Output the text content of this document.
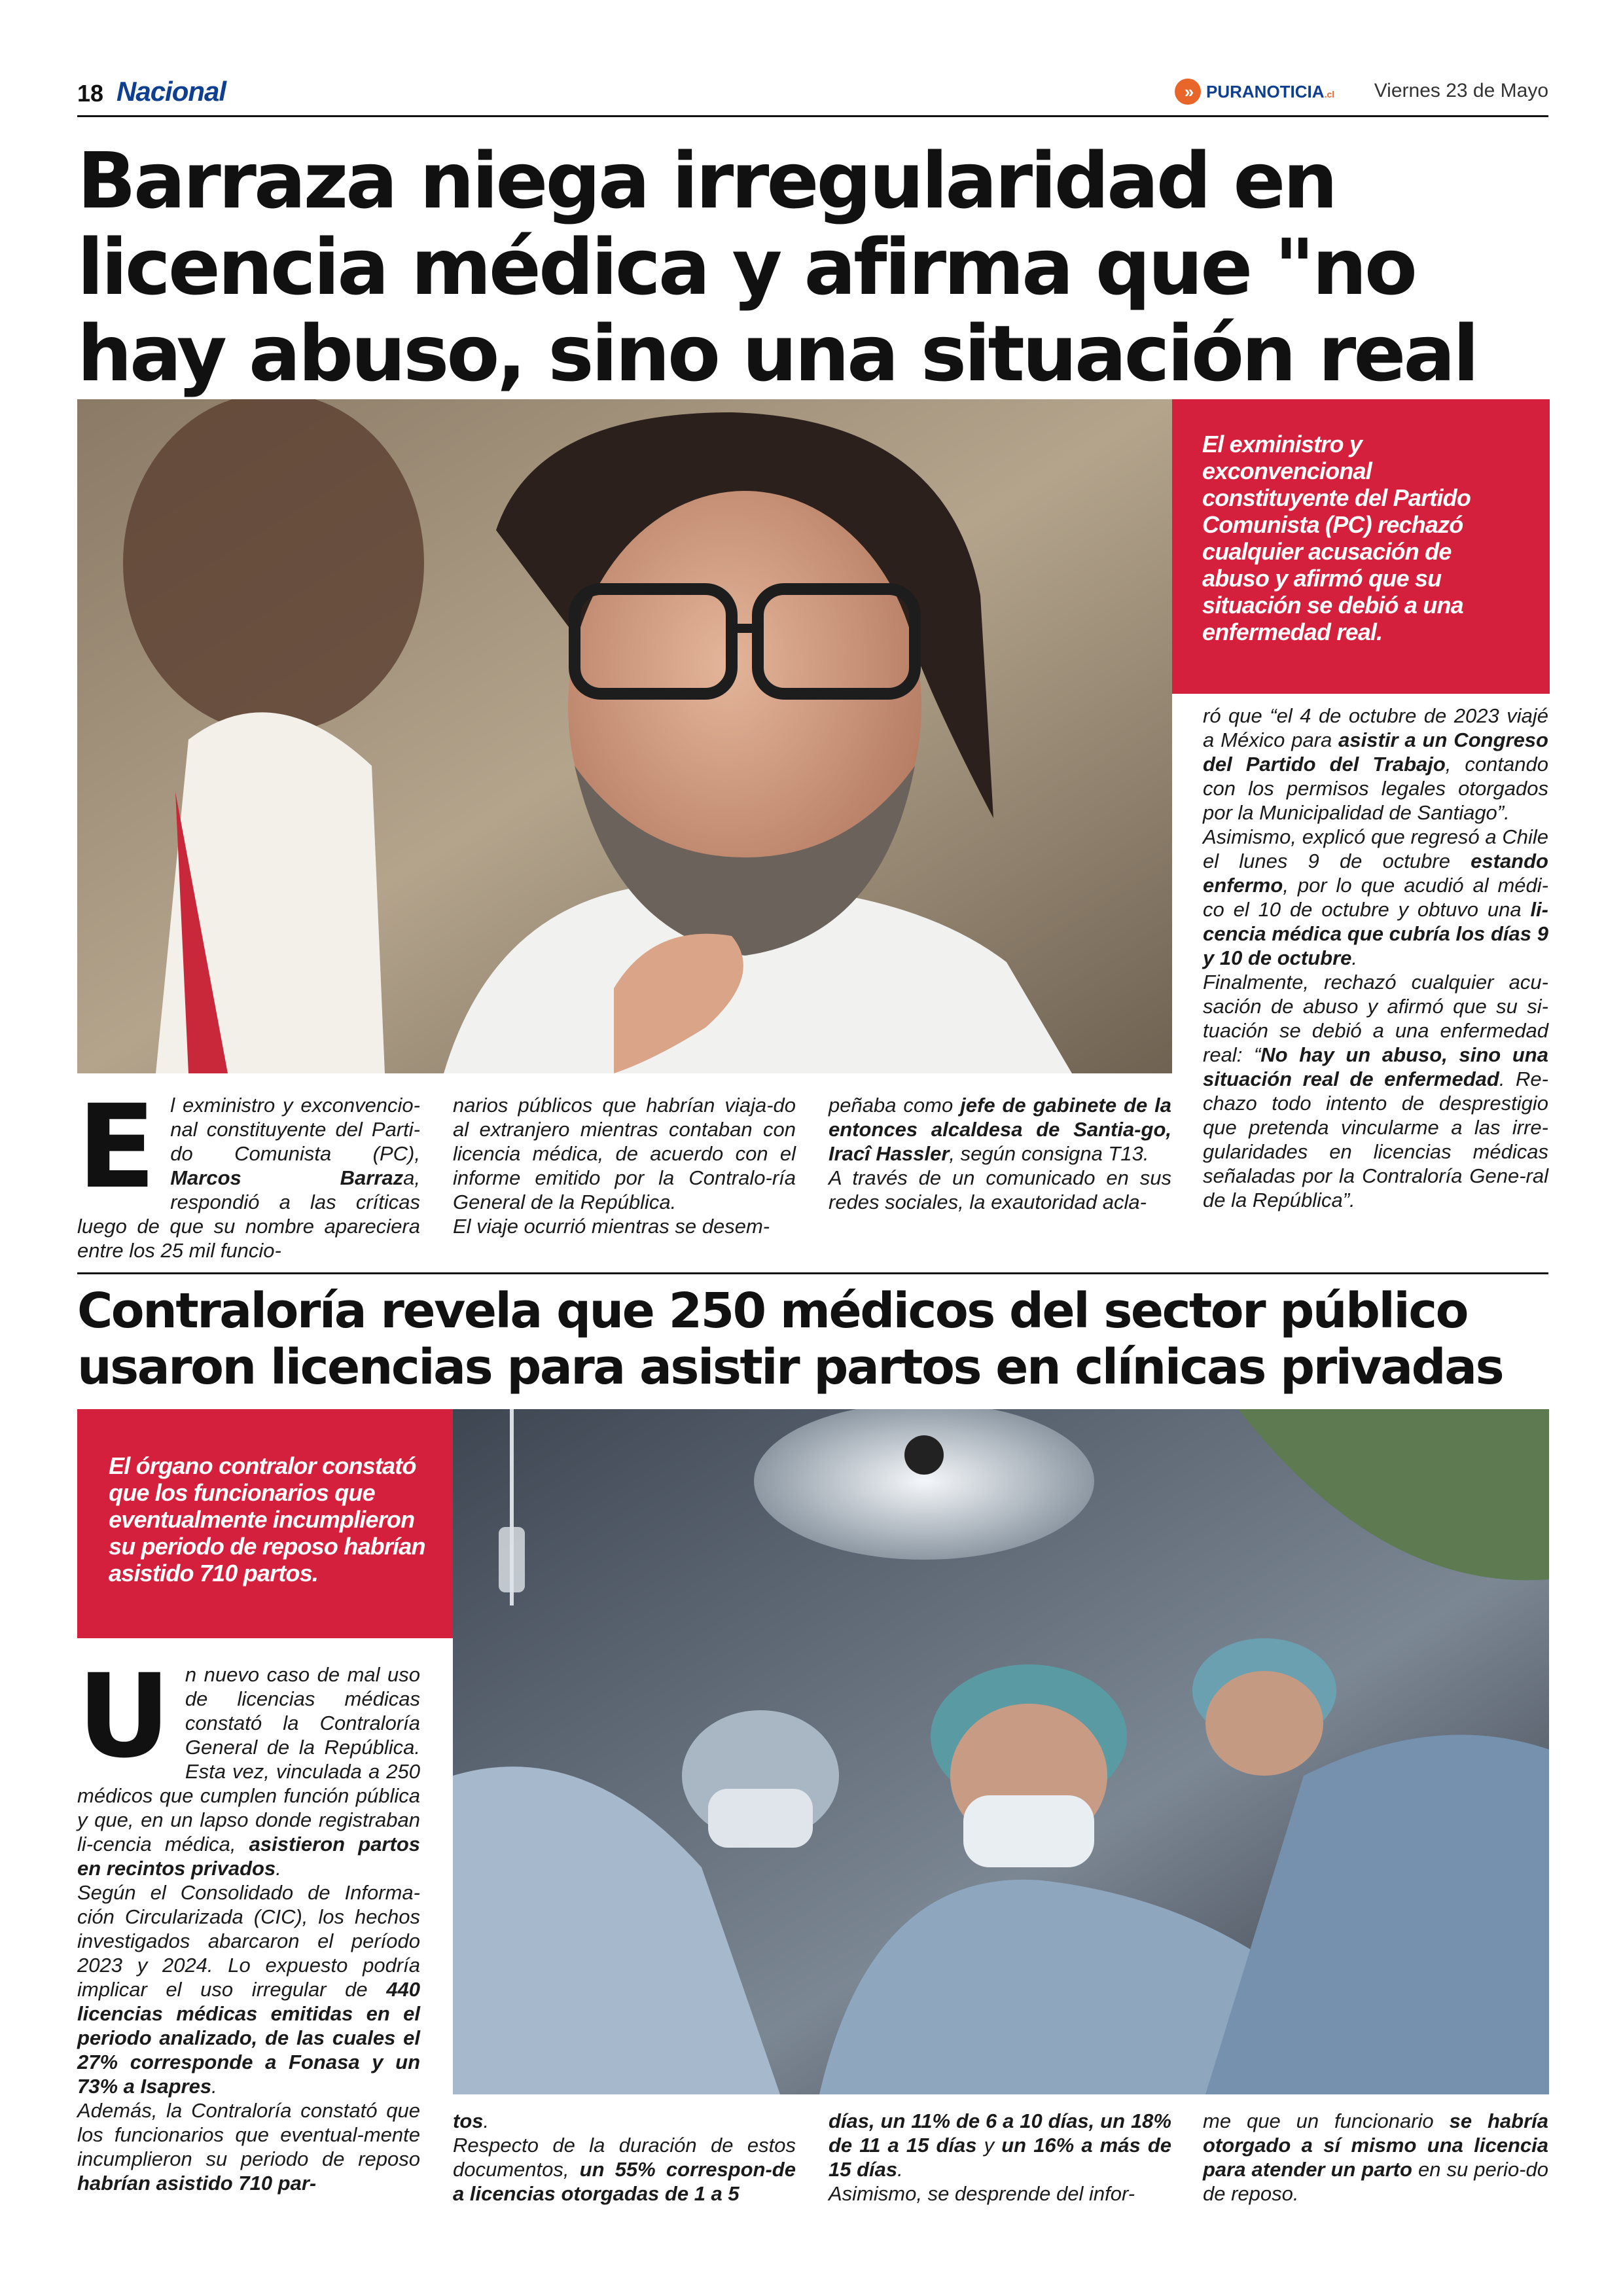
18 Nacional	» PURANOTICIA.cl Viernes 23 de Mayo
Barraza niega irregularidad en licencia médica y afirma que "no hay abuso, sino una situación real

El exministro y exconvencional constituyente del Partido Comunista (PC) rechazó cualquier acusación de abuso y afirmó que su situación se debió a una enfermedad real.

E l exministro y exconvencio-nal constituyente del Parti-do Comunista (PC), Marcos Barraza, respondió a las críticas luego de que su nombre apareciera entre los 25 mil funcio-

narios públicos que habrían viaja-do al extranjero mientras contaban con licencia médica, de acuerdo con el informe emitido por la Contralo-ría General de la República.

El viaje ocurrió mientras se desem-

peñaba como jefe de gabinete de la entonces alcaldesa de Santia-go, Iracî Hassler, según consigna T13.

A través de un comunicado en sus redes sociales, la exautoridad acla-

ró que “el 4 de octubre de 2023 viajé a México para asistir a un Congreso del Partido del Trabajo, contando con los permisos legales otorgados por la Municipalidad de Santiago”.

Asimismo, explicó que regresó a Chile el lunes 9 de octubre estando enfermo, por lo que acudió al médi-co el 10 de octubre y obtuvo una li-cencia médica que cubría los días 9 y 10 de octubre.

Finalmente, rechazó cualquier acu-sación de abuso y afirmó que su si-tuación se debió a una enfermedad real: “No hay un abuso, sino una situación real de enfermedad. Re-chazo todo intento de desprestigio que pretenda vincularme a las irre-gularidades en licencias médicas señaladas por la Contraloría Gene-ral de la República”.

Contraloría revela que 250 médicos del sector público usaron licencias para asistir partos en clínicas privadas

El órgano contralor constató que los funcionarios que eventualmente incumplieron su periodo de reposo habrían asistido 710 partos.

U n nuevo caso de mal uso de licencias médicas constató la Contraloría General de la República. Esta vez, vinculada a 250 médicos que cumplen función pública y que, en un lapso donde registraban li-cencia médica, asistieron partos en recintos privados.

Según el Consolidado de Informa-ción Circularizada (CIC), los hechos investigados abarcaron el período 2023 y 2024. Lo expuesto podría implicar el uso irregular de 440 licencias médicas emitidas en el periodo analizado, de las cuales el 27% corresponde a Fonasa y un 73% a Isapres.

Además, la Contraloría constató que los funcionarios que eventual-mente incumplieron su periodo de reposo habrían asistido 710 par-

tos.

Respecto de la duración de estos documentos, un 55% correspon-de a licencias otorgadas de 1 a 5

días, un 11% de 6 a 10 días, un 18% de 11 a 15 días y un 16% a más de 15 días.

Asimismo, se desprende del infor-

me que un funcionario se habría otorgado a sí mismo una licencia para atender un parto en su perio-do de reposo.
